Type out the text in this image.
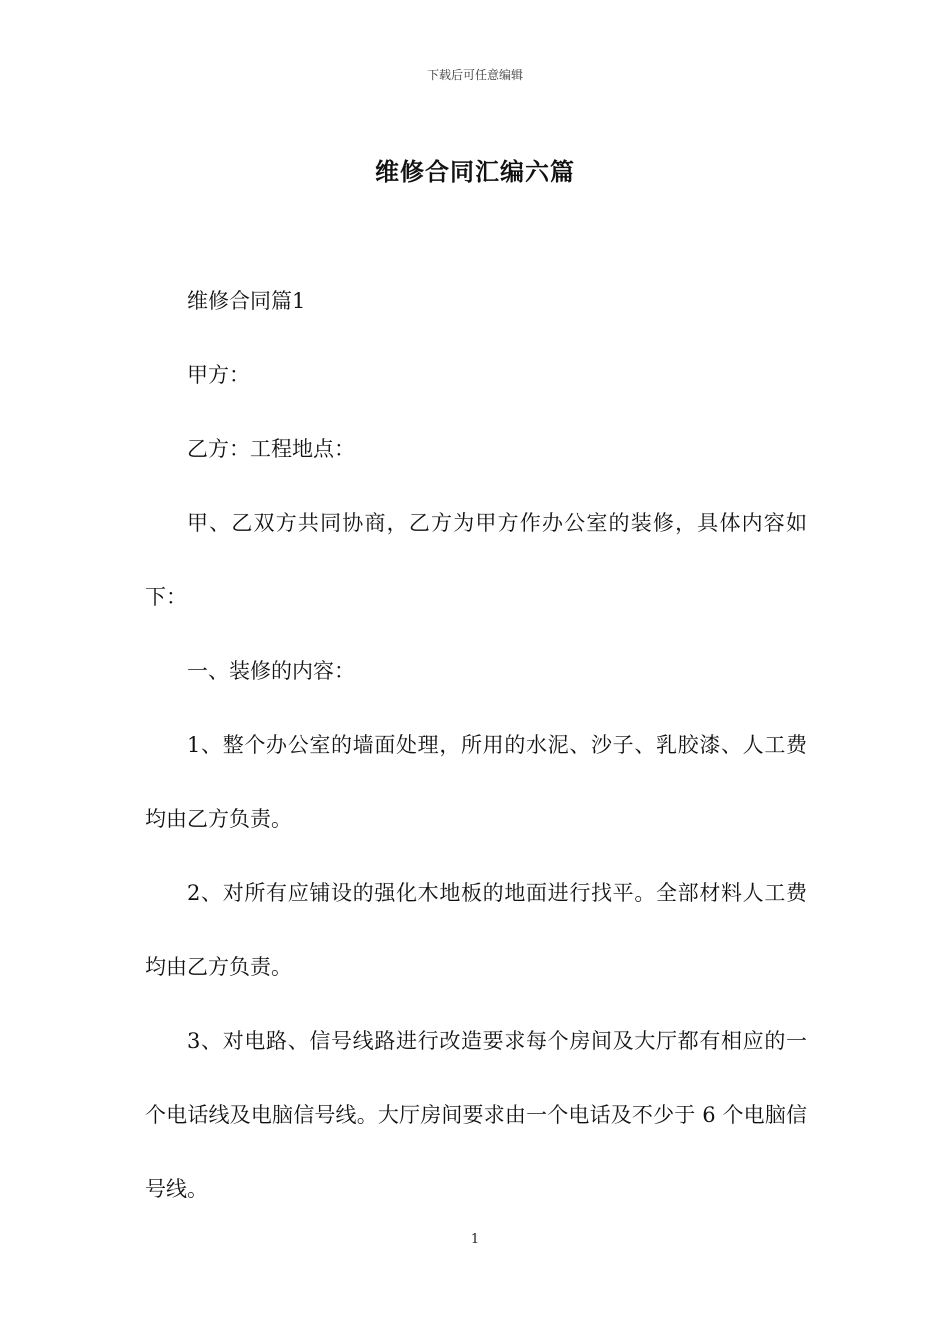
下载后可任意编辑
维修合同汇编六篇

维修合同篇1

甲方：

乙方：工程地点：

甲、乙双方共同协商，乙方为甲方作办公室的装修，具体内容如下：

一、装修的内容：

1、整个办公室的墙面处理，所用的水泥、沙子、乳胶漆、人工费均由乙方负责。

2、对所有应铺设的强化木地板的地面进行找平。全部材料人工费均由乙方负责。

3、对电路、信号线路进行改造要求每个房间及大厅都有相应的一个电话线及电脑信号线。大厅房间要求由一个电话及不少于 6 个电脑信号线。

1
